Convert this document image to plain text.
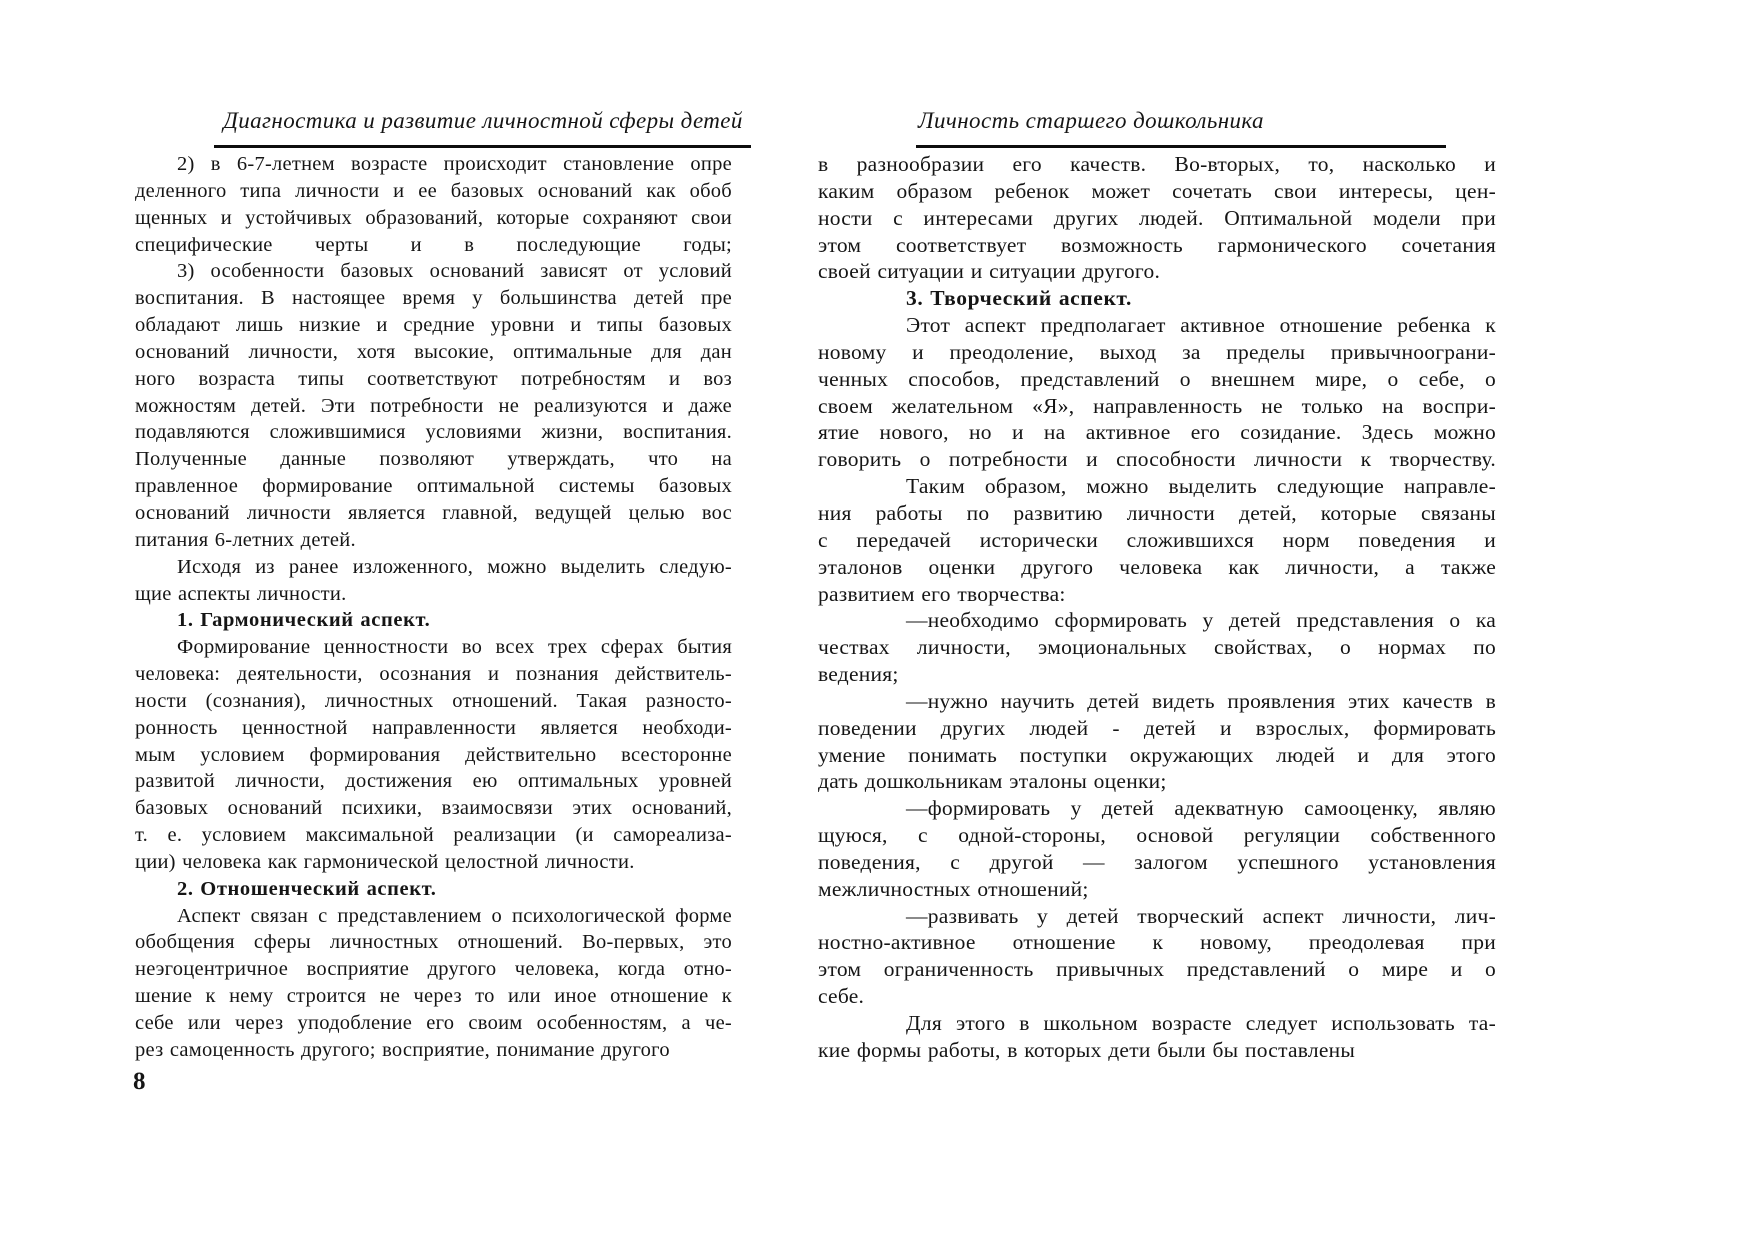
Диагностика и развитие личностной сферы детей
2) в 6-7-летнем возрасте происходит становление опре
деленного типа личности и ее базовых оснований как обоб
щенных и устойчивых образований, которые сохраняют свои
специфические черты и в последующие годы;
3) особенности базовых оснований зависят от условий
воспитания. В настоящее время у большинства детей пре
обладают лишь низкие и средние уровни и типы базовых
оснований личности, хотя высокие, оптимальные для дан
ного возраста типы соответствуют потребностям и воз
можностям детей. Эти потребности не реализуются и даже
подавляются сложившимися условиями жизни, воспитания.
Полученные данные позволяют утверждать, что на
правленное формирование оптимальной системы базовых
оснований личности является главной, ведущей целью вос
питания 6-летних детей.
Исходя из ранее изложенного, можно выделить следую-
щие аспекты личности.
1. Гармонический аспект.
Формирование ценностности во всех трех сферах бытия
человека: деятельности, осознания и познания действитель-
ности (сознания), личностных отношений. Такая разносто-
ронность ценностной направленности является необходи-
мым условием формирования действительно всесторонне
развитой личности, достижения ею оптимальных уровней
базовых оснований психики, взаимосвязи этих оснований,
т. е. условием максимальной реализации (и самореализа-
ции) человека как гармонической целостной личности.
2. Отношенческий аспект.
Аспект связан с представлением о психологической форме
обобщения сферы личностных отношений. Во-первых, это
неэгоцентричное восприятие другого человека, когда отно-
шение к нему строится не через то или иное отношение к
себе или через уподобление его своим особенностям, а че-
рез самоценность другого; восприятие, понимание другого
8
Личность старшего дошкольника
в разнообразии его качеств. Во-вторых, то, насколько и
каким образом ребенок может сочетать свои интересы, цен-
ности с интересами других людей. Оптимальной модели при
этом соответствует возможность гармонического сочетания
своей ситуации и ситуации другого.
3. Творческий аспект.
Этот аспект предполагает активное отношение ребенка к
новому и преодоление, выход за пределы привычноограни-
ченных способов, представлений о внешнем мире, о себе, о
своем желательном «Я», направленность не только на воспри-
ятие нового, но и на активное его созидание. Здесь можно
говорить о потребности и способности личности к творчеству.
Таким образом, можно выделить следующие направле-
ния работы по развитию личности детей, которые связаны
с передачей исторически сложившихся норм поведения и
эталонов оценки другого человека как личности, а также
развитием его творчества:
—необходимо сформировать у детей представления о ка
чествах личности, эмоциональных свойствах, о нормах по
ведения;
—нужно научить детей видеть проявления этих качеств в
поведении других людей - детей и взрослых, формировать
умение понимать поступки окружающих людей и для этого
дать дошкольникам эталоны оценки;
—формировать у детей адекватную самооценку, являю
щуюся, с одной-стороны, основой регуляции собственного
поведения, с другой — залогом успешного установления
межличностных отношений;
—развивать у детей творческий аспект личности, лич-
ностно-активное отношение к новому, преодолевая при
этом ограниченность привычных представлений о мире и о
себе.
Для этого в школьном возрасте следует использовать та-
кие формы работы, в которых дети были бы поставлены
